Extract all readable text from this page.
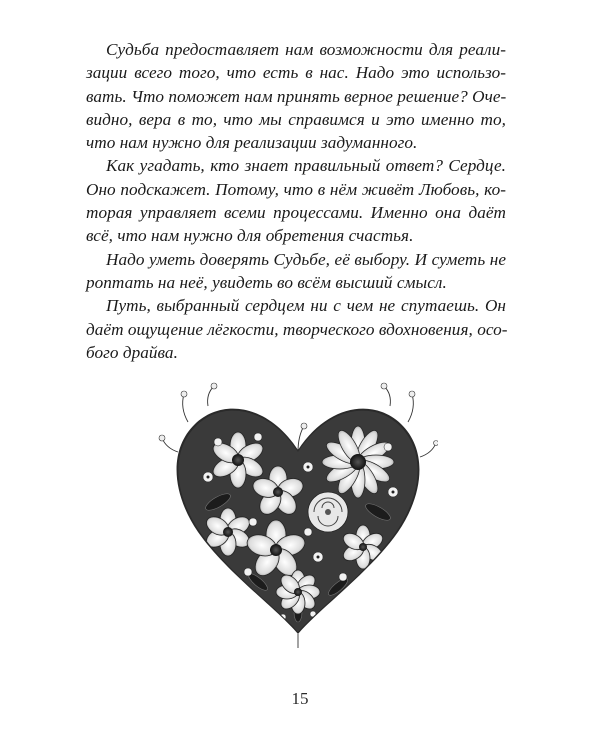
Судьба предоставляет нам возможности для реали-
зации всего того, что есть в нас. Надо это использо-
вать. Что поможет нам принять верное решение? Оче-
видно, вера в то, что мы справимся и это именно то,
что нам нужно для реализации задуманного.

Как угадать, кто знает правильный ответ? Сердце.
Оно подскажет. Потому, что в нём живёт Любовь, ко-
торая управляет всеми процессами. Именно она даёт
всё, что нам нужно для обретения счастья.

Надо уметь доверять Судьбе, её выбору. И суметь не
роптать на неё, увидеть во всём высший смысл.

Путь, выбранный сердцем ни с чем не спутаешь. Он
даёт ощущение лёгкости, творческого вдохновения, осо-
бого драйва.

15
